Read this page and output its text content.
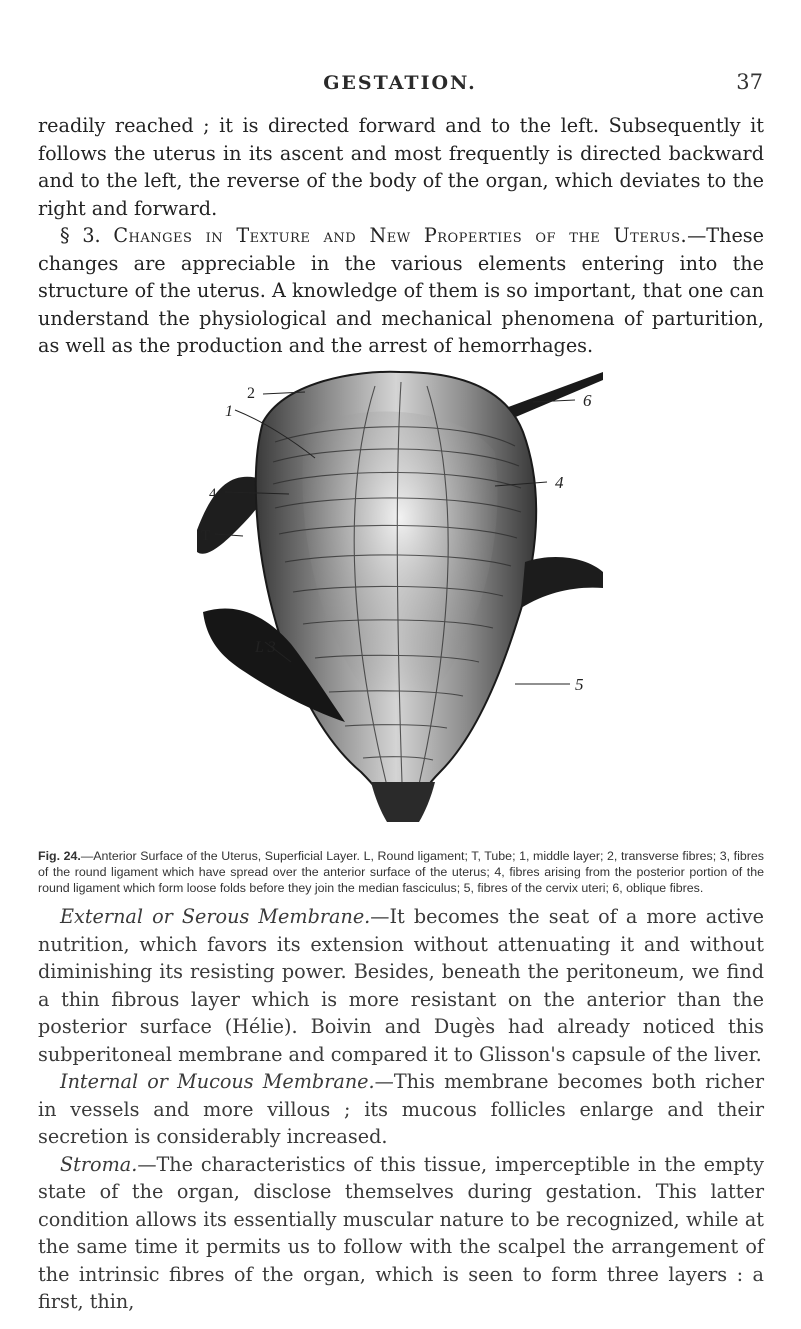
GESTATION.	37

readily reached ; it is directed forward and to the left. Subsequently it follows the uterus in its ascent and most frequently is directed backward and to the left, the reverse of the body of the organ, which deviates to the right and forward.

§ 3. Changes in Texture and New Properties of the Uterus.—These changes are appreciable in the various elements entering into the structure of the uterus. A knowledge of them is so important, that one can understand the physiological and mechanical phenomena of parturition, as well as the production and the arrest of hemorrhages.

2
1
6
4
4
T
L 3
5
Fig. 24.—Anterior Surface of the Uterus, Superficial Layer. L, Round ligament; T, Tube; 1, middle layer; 2, transverse fibres; 3, fibres of the round ligament which have spread over the anterior surface of the uterus; 4, fibres arising from the posterior portion of the round ligament which form loose folds before they join the median fasciculus; 5, fibres of the cervix uteri; 6, oblique fibres.

External or Serous Membrane.—It becomes the seat of a more active nutrition, which favors its extension without attenuating it and without diminishing its resisting power. Besides, beneath the peritoneum, we find a thin fibrous layer which is more resistant on the anterior than the posterior surface (Hélie). Boivin and Dugès had already noticed this subperitoneal membrane and compared it to Glisson's capsule of the liver.

Internal or Mucous Membrane.—This membrane becomes both richer in vessels and more villous ; its mucous follicles enlarge and their secretion is considerably increased.

Stroma.—The characteristics of this tissue, imperceptible in the empty state of the organ, disclose themselves during gestation. This latter condition allows its essentially muscular nature to be recognized, while at the same time it permits us to follow with the scalpel the arrangement of the intrinsic fibres of the organ, which is seen to form three layers : a first, thin,
